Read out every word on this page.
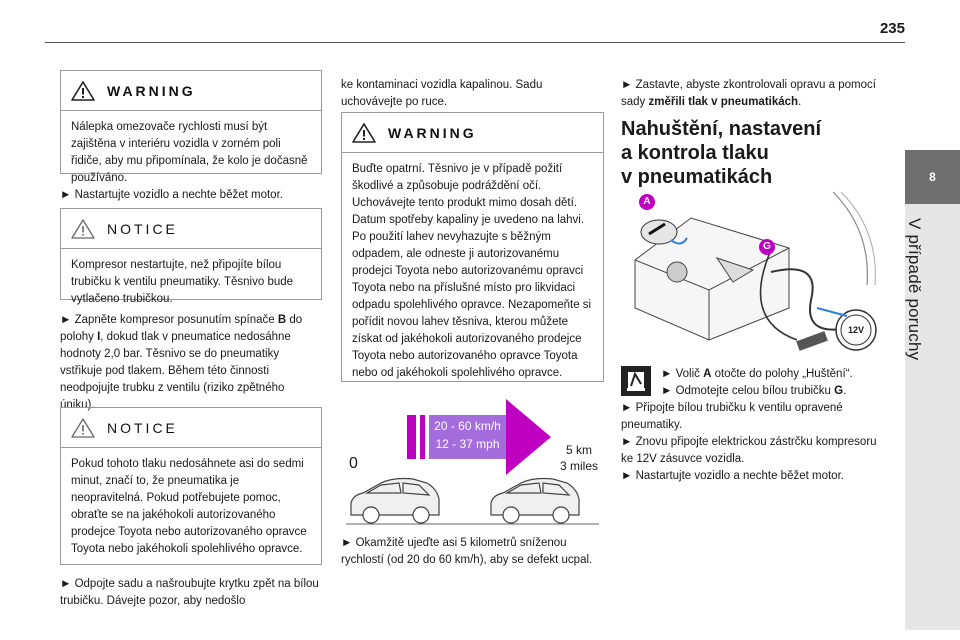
235
8
V případě poruchy
WARNING
Nálepka omezovače rychlosti musí být zajištěna v interiéru vozidla v zorném poli řidiče, aby mu připomínala, že kolo je dočasně používáno.
► Nastartujte vozidlo a nechte běžet motor.
NOTICE
Kompresor nestartujte, než připojíte bílou trubičku k ventilu pneumatiky. Těsnivo bude vytlačeno trubičkou.
► Zapněte kompresor posunutím spínače B do polohy I, dokud tlak v pneumatice nedosáhne hodnoty 2,0 bar. Těsnivo se do pneumatiky vstřikuje pod tlakem. Během této činnosti neodpojujte trubku z ventilu (riziko zpětného úniku).
NOTICE
Pokud tohoto tlaku nedosáhnete asi do sedmi minut, značí to, že pneumatika je neopravitelná. Pokud potřebujete pomoc, obraťte se na jakéhokoli autorizovaného prodejce Toyota nebo autorizovaného opravce Toyota nebo jakéhokoli spolehlivého opravce.
► Odpojte sadu a našroubujte krytku zpět na bílou trubičku. Dávejte pozor, aby nedošlo
ke kontaminaci vozidla kapalinou. Sadu uchovávejte po ruce.
WARNING
Buďte opatrní. Těsnivo je v případě požití škodlivé a způsobuje podráždění očí. Uchovávejte tento produkt mimo dosah dětí. Datum spotřeby kapaliny je uvedeno na lahvi. Po použití lahev nevyhazujte s běžným odpadem, ale odneste ji autorizovanému prodejci Toyota nebo autorizovanému opravci Toyota nebo na příslušné místo pro likvidaci odpadu spolehlivého opravce. Nezapomeňte si pořídit novou lahev těsniva, kterou můžete získat od jakéhokoli autorizovaného prodejce Toyota nebo autorizovaného opravce Toyota nebo od jakéhokoli spolehlivého opravce.
20 - 60 km/h
12 - 37 mph
0
5 km
3 miles
► Okamžitě ujeďte asi 5 kilometrů sníženou rychlostí (od 20 do 60 km/h), aby se defekt ucpal.
► Zastavte, abyste zkontrolovali opravu a pomocí sady změřili tlak v pneumatikách.
Nahuštění, nastavení
a kontrola tlaku
v pneumatikách
A
G
12V
► Volič A otočte do polohy „Huštění“.
► Odmotejte celou bílou trubičku G.
► Připojte bílou trubičku k ventilu opravené pneumatiky.
► Znovu připojte elektrickou zástrčku kompresoru ke 12V zásuvce vozidla.
► Nastartujte vozidlo a nechte běžet motor.
